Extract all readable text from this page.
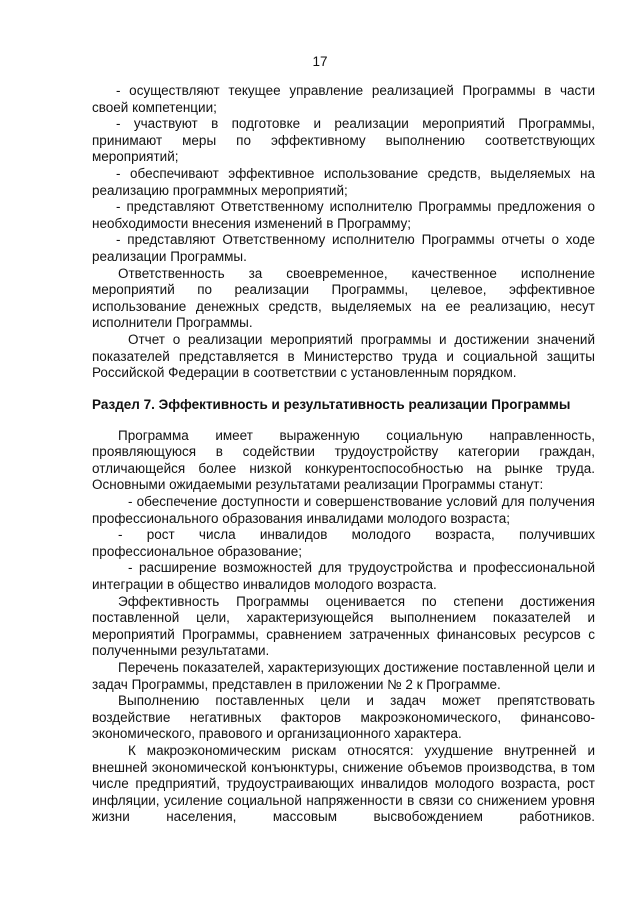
17

- осуществляют текущее управление реализацией Программы в части своей компетенции;

- участвуют в подготовке и реализации мероприятий Программы, принимают меры по эффективному выполнению соответствующих мероприятий;

- обеспечивают эффективное использование средств, выделяемых на реализацию программных мероприятий;

- представляют Ответственному исполнителю Программы предложения о необходимости внесения изменений в Программу;

- представляют Ответственному исполнителю Программы отчеты о ходе реализации Программы.

Ответственность за своевременное, качественное исполнение мероприятий по реализации Программы, целевое, эффективное использование денежных средств, выделяемых на ее реализацию, несут исполнители Программы.

Отчет о реализации мероприятий программы и достижении значений показателей представляется в Министерство труда и социальной защиты Российской Федерации в соответствии с установленным порядком.

Раздел 7. Эффективность и результативность реализации Программы

Программа имеет выраженную социальную направленность, проявляющуюся в содействии трудоустройству категории граждан, отличающейся более низкой конкурентоспособностью на рынке труда. Основными ожидаемыми результатами реализации Программы станут:

- обеспечение доступности и совершенствование условий для получения профессионального образования инвалидами молодого возраста;

- рост числа инвалидов молодого возраста, получивших профессиональное образование;

- расширение возможностей для трудоустройства и профессиональной интеграции в общество инвалидов молодого возраста.

Эффективность Программы оценивается по степени достижения поставленной цели, характеризующейся выполнением показателей и мероприятий Программы, сравнением затраченных финансовых ресурсов с полученными результатами.

Перечень показателей, характеризующих достижение поставленной цели и задач Программы, представлен в приложении № 2 к Программе.

Выполнению поставленных цели и задач может препятствовать воздействие негативных факторов макроэкономического, финансово-экономического, правового и организационного характера.

К макроэкономическим рискам относятся: ухудшение внутренней и внешней экономической конъюнктуры, снижение объемов производства, в том числе предприятий, трудоустраивающих инвалидов молодого возраста, рост инфляции, усиление социальной напряженности в связи со снижением уровня жизни населения, массовым высвобождением работников.
